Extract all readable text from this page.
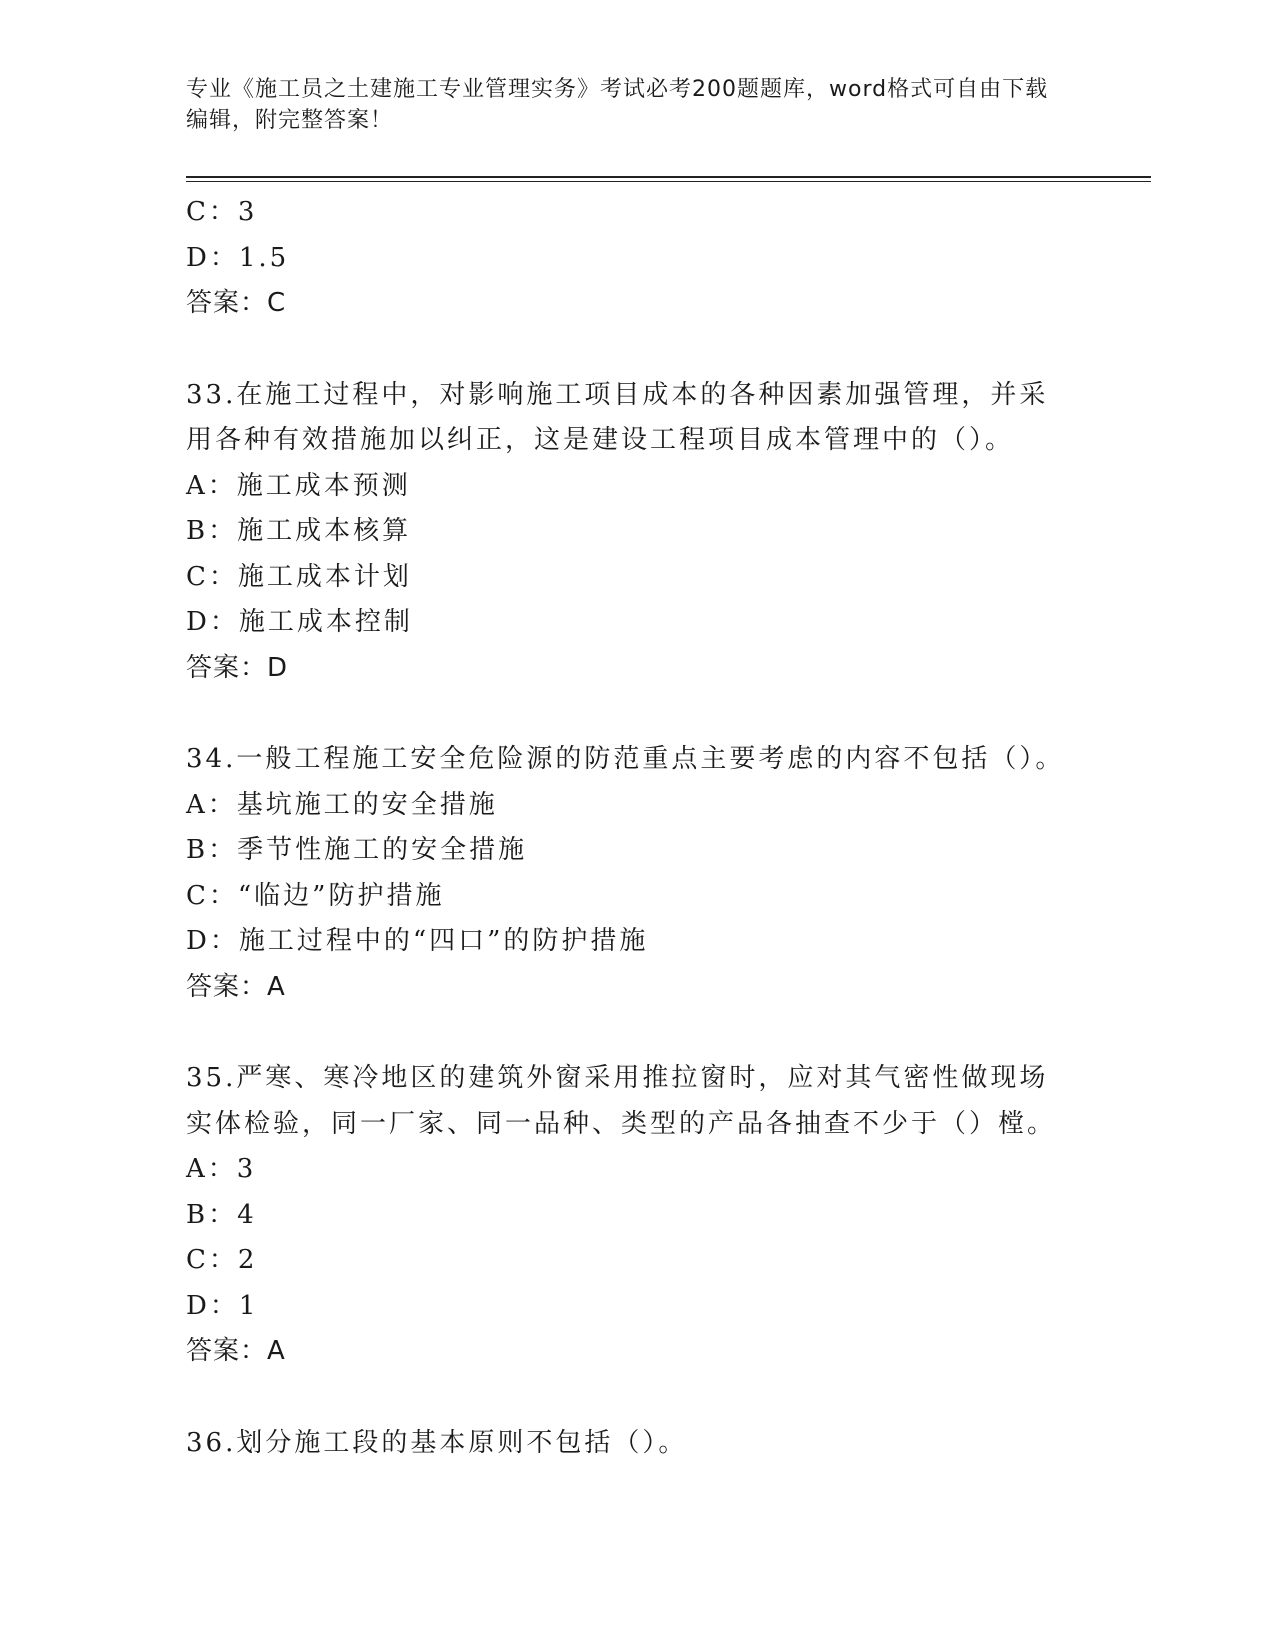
专业《施工员之土建施工专业管理实务》考试必考200题题库，word格式可自由下载编辑，附完整答案！
C：3
D：1.5
答案：C
33.在施工过程中，对影响施工项目成本的各种因素加强管理，并采用各种有效措施加以纠正，这是建设工程项目成本管理中的（）。
A：施工成本预测
B：施工成本核算
C：施工成本计划
D：施工成本控制
答案：D
34.一般工程施工安全危险源的防范重点主要考虑的内容不包括（）。
A：基坑施工的安全措施
B：季节性施工的安全措施
C：“临边”防护措施
D：施工过程中的“四口”的防护措施
答案：A
35.严寒、寒冷地区的建筑外窗采用推拉窗时，应对其气密性做现场实体检验，同一厂家、同一品种、类型的产品各抽查不少于（）樘。
A：3
B：4
C：2
D：1
答案：A
36.划分施工段的基本原则不包括（）。
